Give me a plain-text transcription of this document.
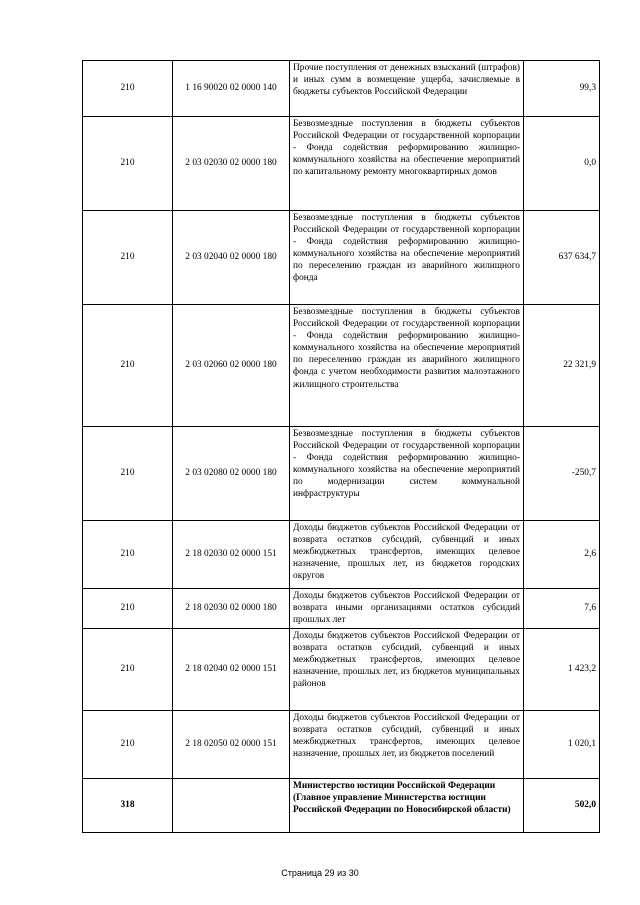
210	1 16 90020 02 0000 140	Прочие поступления от денежных взысканий (штрафов) и иных сумм в возмещение ущерба, зачисляемые в бюджеты субъектов Российской Федерации	99,3
210	2 03 02030 02 0000 180	Безвозмездные поступления в бюджеты субъектов Российской Федерации от государственной корпорации - Фонда содействия реформированию жилищно-коммунального хозяйства на обеспечение мероприятий по капитальному ремонту многоквартирных домов	0,0
210	2 03 02040 02 0000 180	Безвозмездные поступления в бюджеты субъектов Российской Федерации от государственной корпорации - Фонда содействия реформированию жилищно-коммунального хозяйства на обеспечение мероприятий по переселению граждан из аварийного жилищного фонда	637 634,7
210	2 03 02060 02 0000 180	Безвозмездные поступления в бюджеты субъектов Российской Федерации от государственной корпорации - Фонда содействия реформированию жилищно-коммунального хозяйства на обеспечение мероприятий по переселению граждан из аварийного жилищного фонда с учетом необходимости развития малоэтажного жилищного строительства	22 321,9
210	2 03 02080 02 0000 180	Безвозмездные поступления в бюджеты субъектов Российской Федерации от государственной корпорации - Фонда содействия реформированию жилищно-коммунального хозяйства на обеспечение мероприятий по модернизации систем коммунальной инфраструктуры	-250,7
210	2 18 02030 02 0000 151	Доходы бюджетов субъектов Российской Федерации от возврата остатков субсидий, субвенций и иных межбюджетных трансфертов, имеющих целевое назначение, прошлых лет, из бюджетов городских округов	2,6
210	2 18 02030 02 0000 180	Доходы бюджетов субъектов Российской Федерации от возврата иными организациями остатков субсидий прошлых лет	7,6
210	2 18 02040 02 0000 151	Доходы бюджетов субъектов Российской Федерации от возврата остатков субсидий, субвенций и иных межбюджетных трансфертов, имеющих целевое назначение, прошлых лет, из бюджетов муниципальных районов	1 423,2
210	2 18 02050 02 0000 151	Доходы бюджетов субъектов Российской Федерации от возврата остатков субсидий, субвенций и иных межбюджетных трансфертов, имеющих целевое назначение, прошлых лет, из бюджетов поселений	1 020,1
318		Министерство юстиции Российской Федерации (Главное управление Министерства юстиции Российской Федерации по Новосибирской области)	502,0
Страница 29 из 30
